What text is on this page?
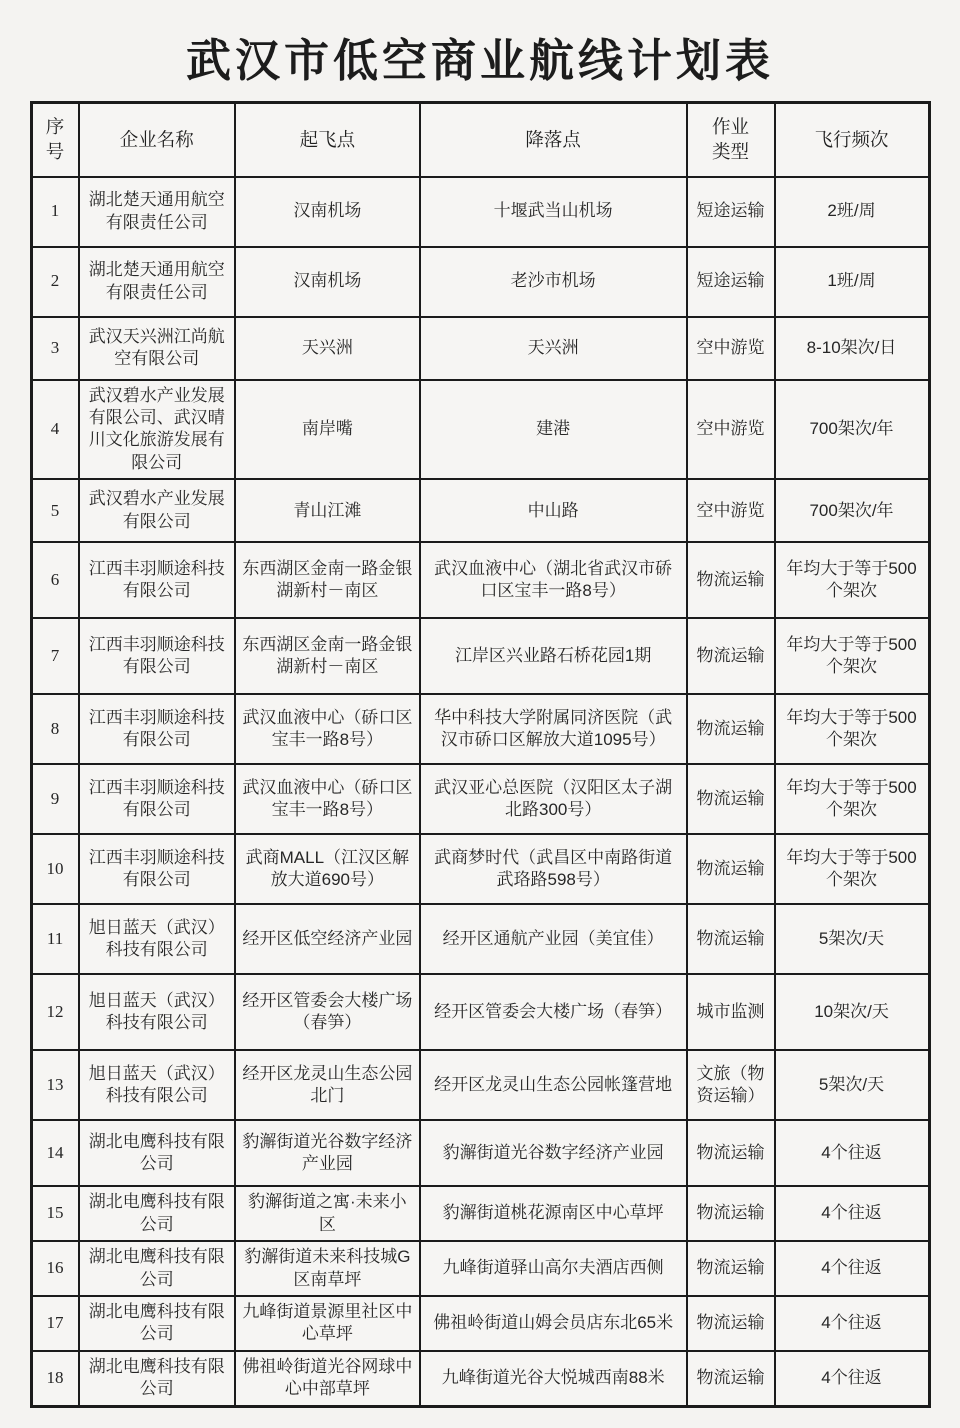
武汉市低空商业航线计划表
序号	企业名称	起飞点	降落点	作业类型	飞行频次
1	湖北楚天通用航空有限责任公司	汉南机场	十堰武当山机场	短途运输	2班/周
2	湖北楚天通用航空有限责任公司	汉南机场	老沙市机场	短途运输	1班/周
3	武汉天兴洲江尚航空有限公司	天兴洲	天兴洲	空中游览	8-10架次/日
4	武汉碧水产业发展有限公司、武汉晴川文化旅游发展有限公司	南岸嘴	建港	空中游览	700架次/年
5	武汉碧水产业发展有限公司	青山江滩	中山路	空中游览	700架次/年
6	江西丰羽顺途科技有限公司	东西湖区金南一路金银湖新村－南区	武汉血液中心（湖北省武汉市硚口区宝丰一路8号）	物流运输	年均大于等于500个架次
7	江西丰羽顺途科技有限公司	东西湖区金南一路金银湖新村－南区	江岸区兴业路石桥花园1期	物流运输	年均大于等于500个架次
8	江西丰羽顺途科技有限公司	武汉血液中心（硚口区宝丰一路8号）	华中科技大学附属同济医院（武汉市硚口区解放大道1095号）	物流运输	年均大于等于500个架次
9	江西丰羽顺途科技有限公司	武汉血液中心（硚口区宝丰一路8号）	武汉亚心总医院（汉阳区太子湖北路300号）	物流运输	年均大于等于500个架次
10	江西丰羽顺途科技有限公司	武商MALL（江汉区解放大道690号）	武商梦时代（武昌区中南路街道武珞路598号）	物流运输	年均大于等于500个架次
11	旭日蓝天（武汉）科技有限公司	经开区低空经济产业园	经开区通航产业园（美宜佳）	物流运输	5架次/天
12	旭日蓝天（武汉）科技有限公司	经开区管委会大楼广场（春笋）	经开区管委会大楼广场（春笋）	城市监测	10架次/天
13	旭日蓝天（武汉）科技有限公司	经开区龙灵山生态公园北门	经开区龙灵山生态公园帐篷营地	文旅（物资运输）	5架次/天
14	湖北电鹰科技有限公司	豹澥街道光谷数字经济产业园	豹澥街道光谷数字经济产业园	物流运输	4个往返
15	湖北电鹰科技有限公司	豹澥街道之寓·未来小区	豹澥街道桃花源南区中心草坪	物流运输	4个往返
16	湖北电鹰科技有限公司	豹澥街道未来科技城G区南草坪	九峰街道驿山高尔夫酒店西侧	物流运输	4个往返
17	湖北电鹰科技有限公司	九峰街道景源里社区中心草坪	佛祖岭街道山姆会员店东北65米	物流运输	4个往返
18	湖北电鹰科技有限公司	佛祖岭街道光谷网球中心中部草坪	九峰街道光谷大悦城西南88米	物流运输	4个往返
